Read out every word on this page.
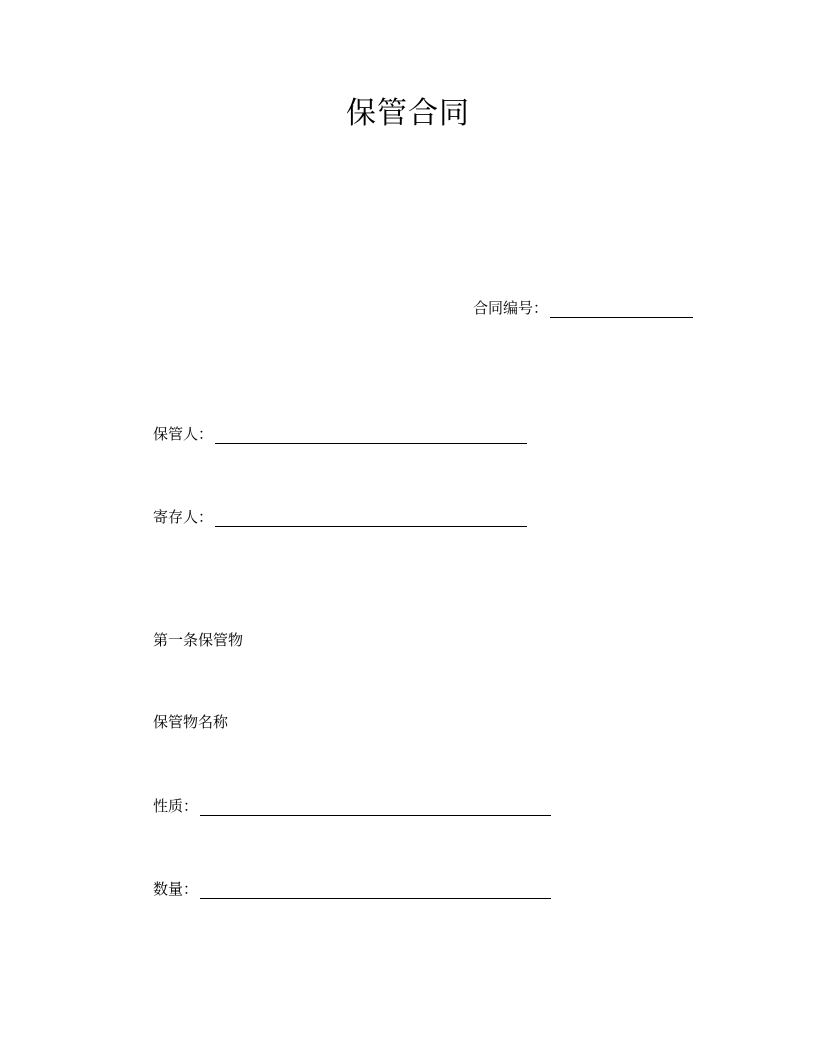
保管合同
合同编号：
保管人：
寄存人：
第一条保管物
保管物名称
性质：
数量：
